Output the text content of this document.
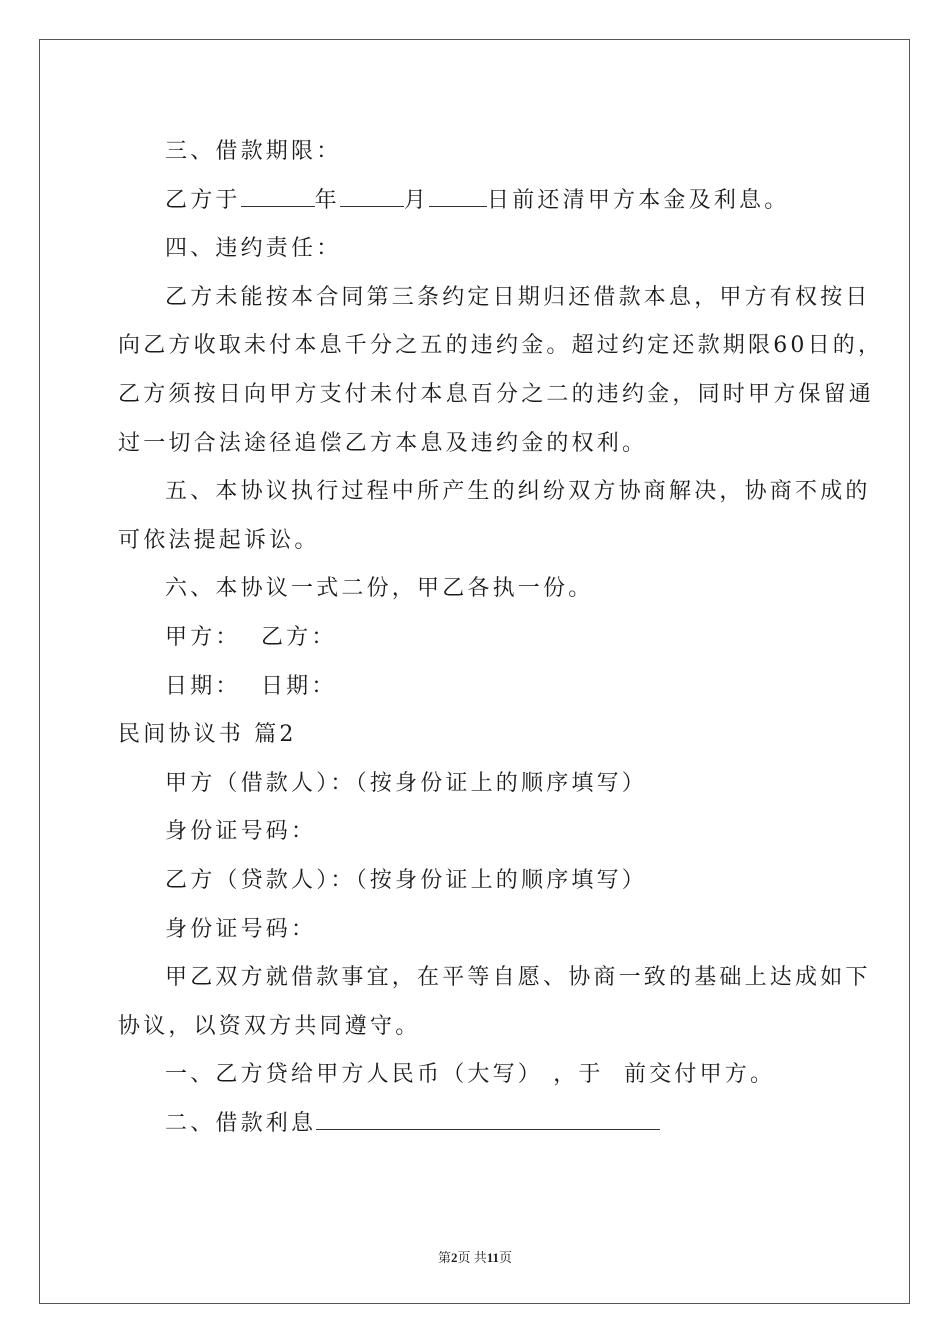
三、借款期限：
乙方于	年	月	日前还清甲方本金及利息。
四、违约责任：
乙方未能按本合同第三条约定日期归还借款本息，甲方有权按日
向乙方收取未付本息千分之五的违约金。超过约定还款期限60日的，
乙方须按日向甲方支付未付本息百分之二的违约金，同时甲方保留通
过一切合法途径追偿乙方本息及违约金的权利。
五、本协议执行过程中所产生的纠纷双方协商解决，协商不成的
可依法提起诉讼。
六、本协议一式二份，甲乙各执一份。
甲方：  乙方：
日期：  日期：
民间协议书 篇2
甲方（借款人）：（按身份证上的顺序填写）
身份证号码：
乙方（贷款人）：（按身份证上的顺序填写）
身份证号码：
甲乙双方就借款事宜，在平等自愿、协商一致的基础上达成如下
协议，以资双方共同遵守。
一、乙方贷给甲方人民币（大写） ，于  前交付甲方。
二、借款利息
第2页 共11页
